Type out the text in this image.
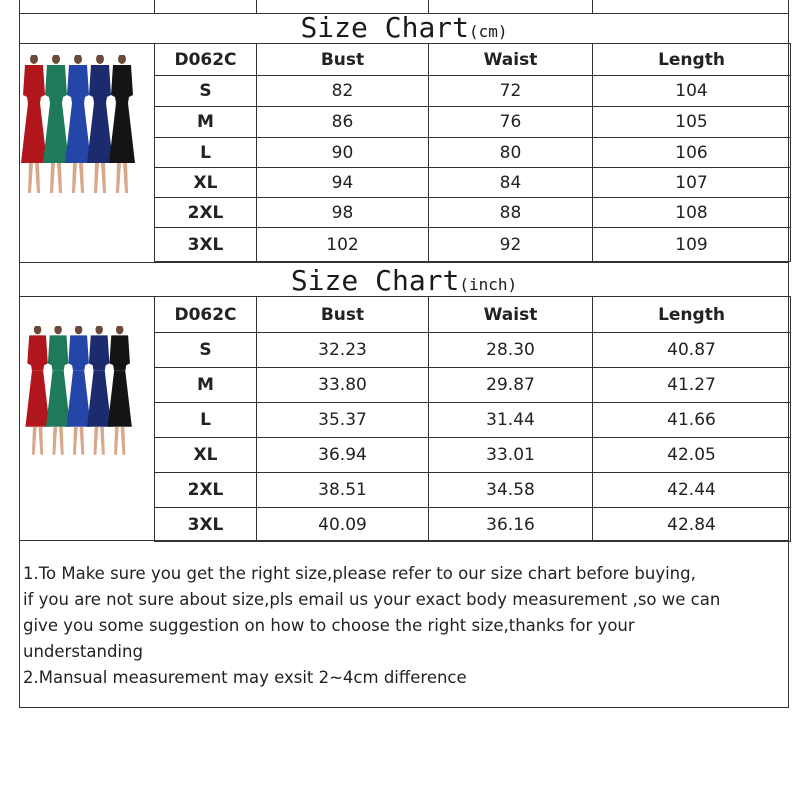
Size Chart(cm)
D062C	Bust	Waist	Length
S	82	72	104
M	86	76	105
L	90	80	106
XL	94	84	107
2XL	98	88	108
3XL	102	92	109
Size Chart(inch)
D062C	Bust	Waist	Length
S	32.23	28.30	40.87
M	33.80	29.87	41.27
L	35.37	31.44	41.66
XL	36.94	33.01	42.05
2XL	38.51	34.58	42.44
3XL	40.09	36.16	42.84

1.To Make sure you get the right size,please refer to our size chart before buying,

if you are not sure about size,pls email us your exact body measurement ,so we can

give you some suggestion on how to choose the right size,thanks for your

understanding

2.Mansual measurement may exsit 2~4cm difference
